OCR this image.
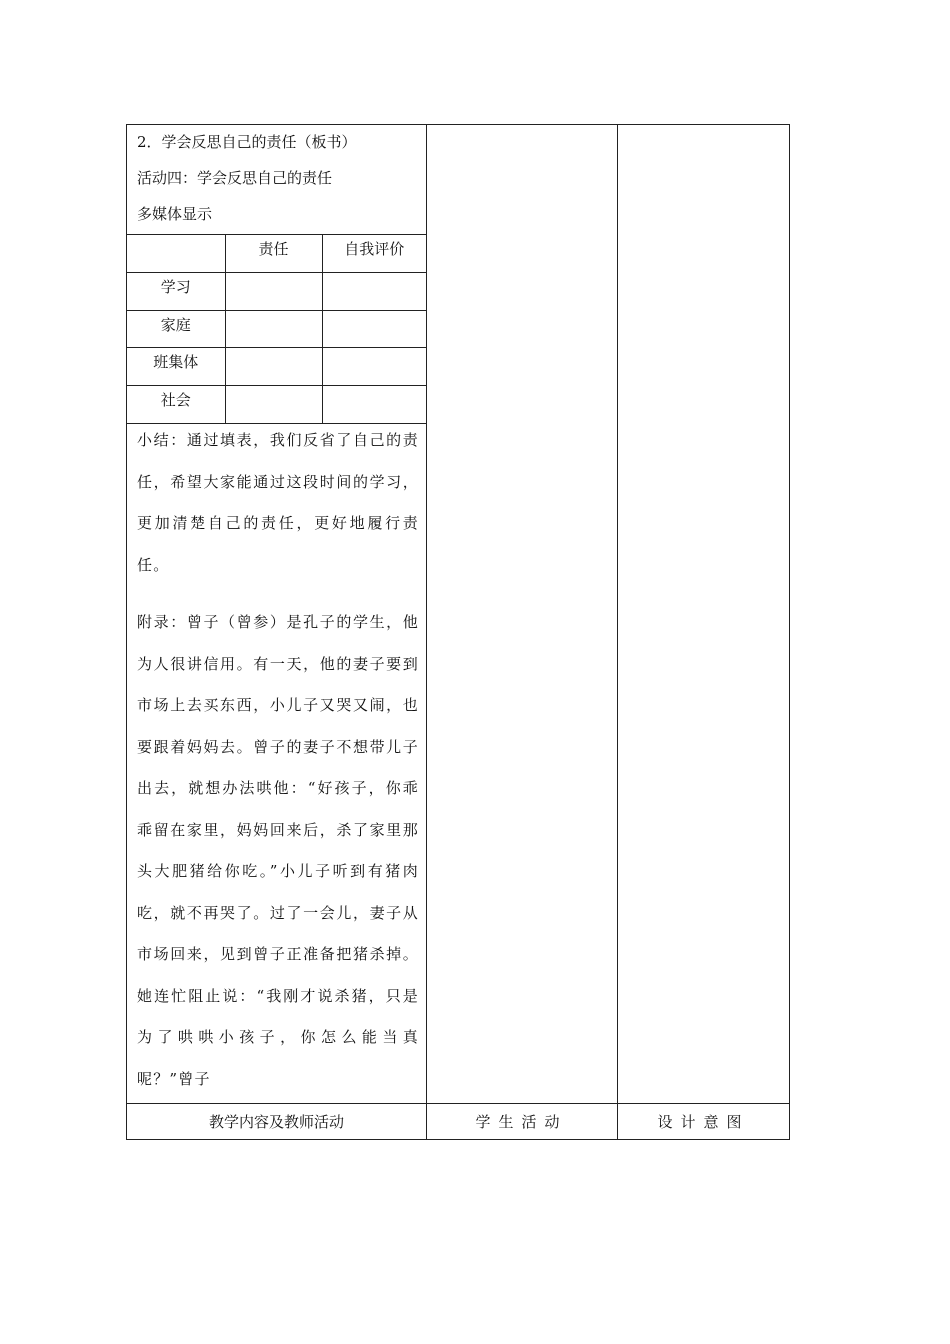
2．学会反思自己的责任（板书）
活动四：学会反思自己的责任
多媒体显示
	责任	自我评价
学习		
家庭		
班集体		
社会		
小结：通过填表，我们反省了自己的责任，希望大家能通过这段时间的学习，更加清楚自己的责任，更好地履行责任。
附录：曾子（曾参）是孔子的学生，他为人很讲信用。有一天，他的妻子要到市场上去买东西，小儿子又哭又闹，也要跟着妈妈去。曾子的妻子不想带儿子出去，就想办法哄他：“好孩子，你乖乖留在家里，妈妈回来后，杀了家里那头大肥猪给你吃。”小儿子听到有猪肉吃，就不再哭了。过了一会儿，妻子从市场回来，见到曾子正准备把猪杀掉。她连忙阻止说：“我刚才说杀猪，只是为了哄哄小孩子，你怎么能当真呢？”曾子
教学内容及教师活动	学生活动	设计意图
